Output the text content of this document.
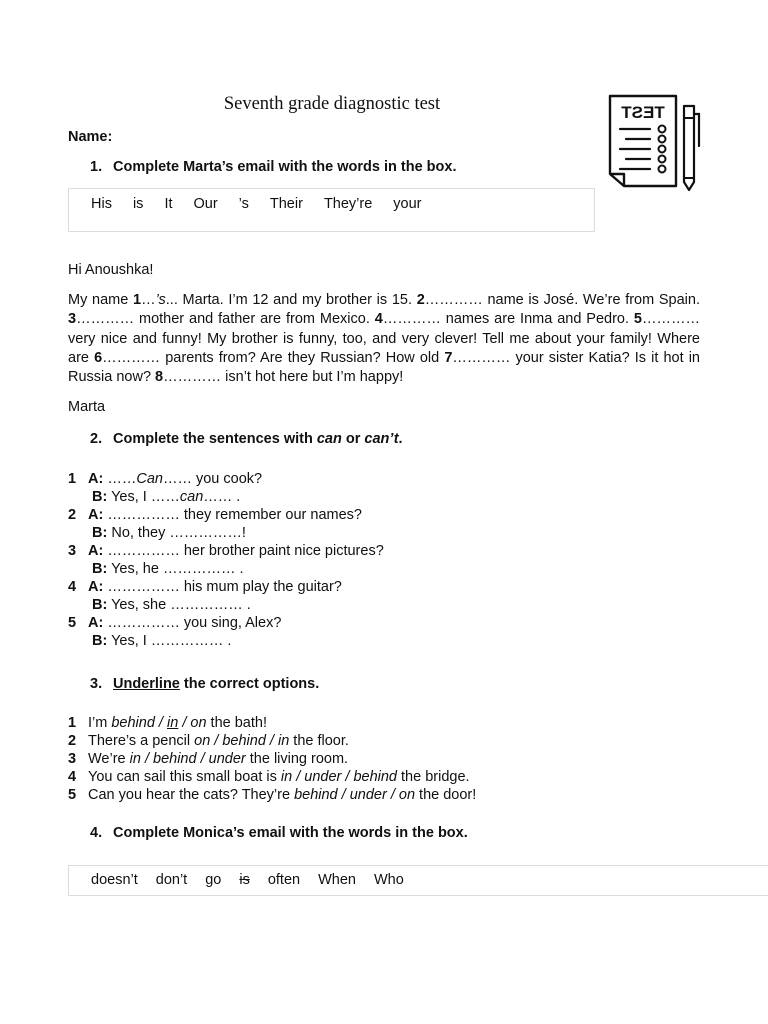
Seventh grade diagnostic test	TEST
Name:
1. Complete Marta’s email with the words in the box.
His is It Our ’s Their They’re your
Hi Anoushka!

My name 1…’s... Marta. I’m 12 and my brother is 15. 2………… name is José. We’re from Spain. 3………… mother and father are from Mexico. 4………… names are Inma and Pedro. 5………… very nice and funny! My brother is funny, too, and very clever! Tell me about your family! Where are 6………… parents from? Are they Russian? How old 7………… your sister Katia? Is it hot in Russia now? 8………… isn’t hot here but I’m happy!

Marta
2. Complete the sentences with can or can’t.
1 A: ……Can…… you cook?
B: Yes, I ……can…… .
2 A: …………… they remember our names?
B: No, they ……………!
3 A: …………… her brother paint nice pictures?
B: Yes, he …………… .
4 A: …………… his mum play the guitar?
B: Yes, she …………… .
5 A: …………… you sing, Alex?
B: Yes, I …………… .
3. Underline the correct options.
1 I’m behind / in / on the bath!
2 There’s a pencil on / behind / in the floor.
3 We’re in / behind / under the living room.
4 You can sail this small boat is in / under / behind the bridge.
5 Can you hear the cats? They’re behind / under / on the door!
4. Complete Monica’s email with the words in the box.
doesn’t don’t go is often When Who
